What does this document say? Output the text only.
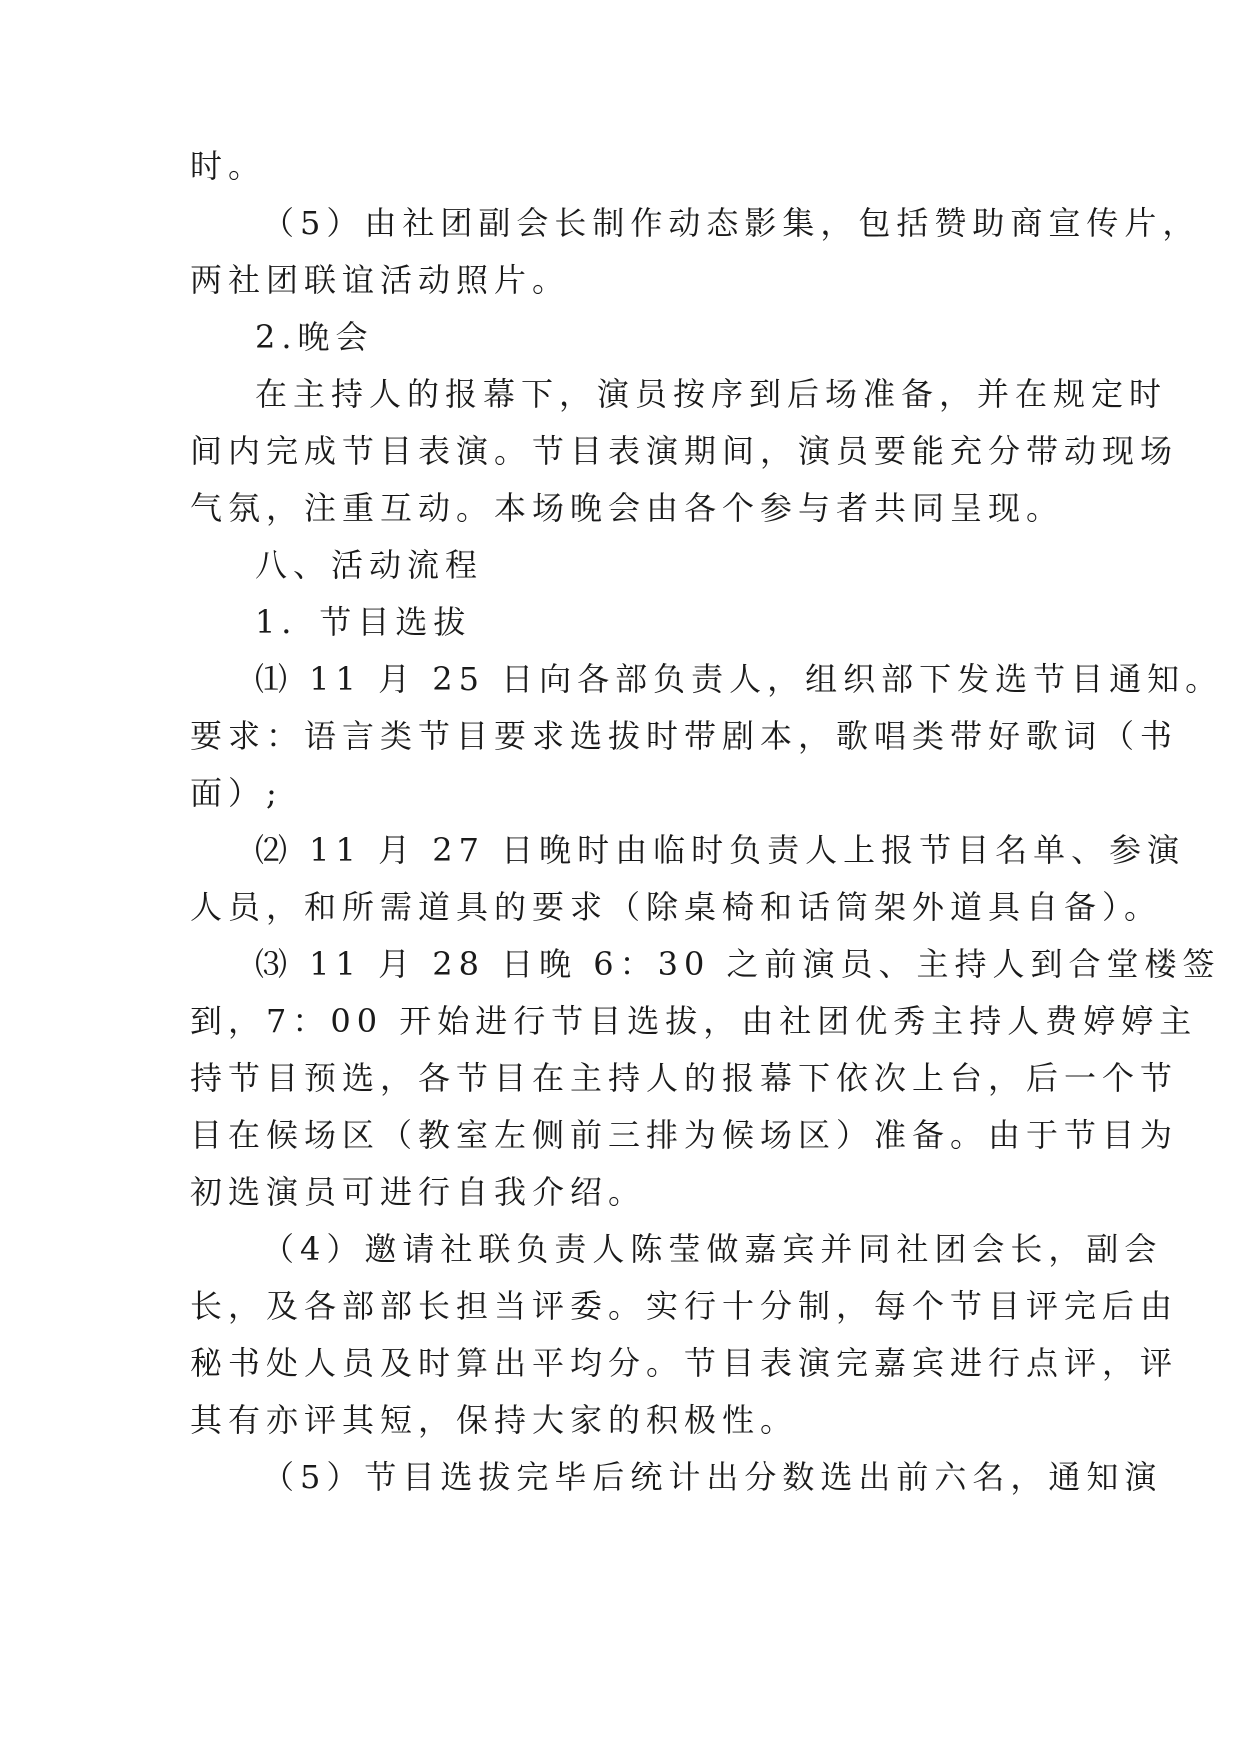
时。
（5）由社团副会长制作动态影集，包括赞助商宣传片，
两社团联谊活动照片。
2.晚会
在主持人的报幕下，演员按序到后场准备，并在规定时
间内完成节目表演。节目表演期间，演员要能充分带动现场
气氛，注重互动。本场晚会由各个参与者共同呈现。
八、活动流程
1．节目选拔
⑴ 11 月 25 日向各部负责人，组织部下发选节目通知。
要求：语言类节目要求选拔时带剧本，歌唱类带好歌词（书
面）;
⑵ 11 月 27 日晚时由临时负责人上报节目名单、参演
人员，和所需道具的要求（除桌椅和话筒架外道具自备）。
⑶ 11 月 28 日晚 6：30 之前演员、主持人到合堂楼签
到，7：00 开始进行节目选拔，由社团优秀主持人费婷婷主
持节目预选，各节目在主持人的报幕下依次上台，后一个节
目在候场区（教室左侧前三排为候场区）准备。由于节目为
初选演员可进行自我介绍。
（4）邀请社联负责人陈莹做嘉宾并同社团会长，副会
长，及各部部长担当评委。实行十分制，每个节目评完后由
秘书处人员及时算出平均分。节目表演完嘉宾进行点评，评
其有亦评其短，保持大家的积极性。
（5）节目选拔完毕后统计出分数选出前六名，通知演
